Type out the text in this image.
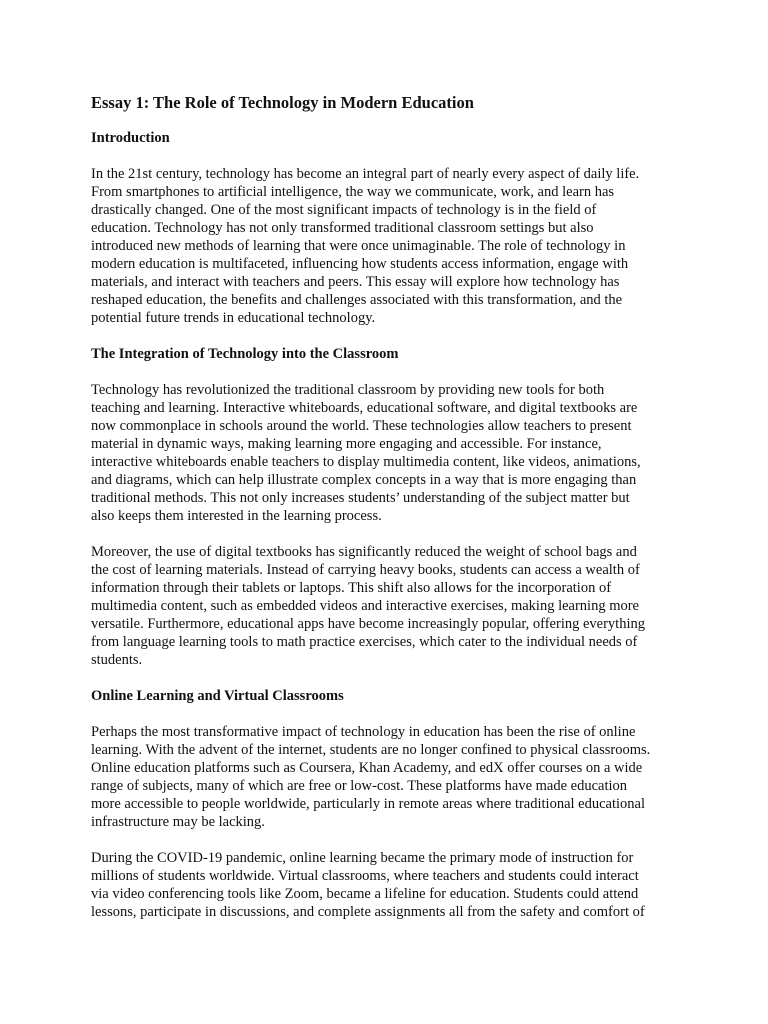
Essay 1: The Role of Technology in Modern Education
Introduction

In the 21st century, technology has become an integral part of nearly every aspect of daily life.
From smartphones to artificial intelligence, the way we communicate, work, and learn has
drastically changed. One of the most significant impacts of technology is in the field of
education. Technology has not only transformed traditional classroom settings but also
introduced new methods of learning that were once unimaginable. The role of technology in
modern education is multifaceted, influencing how students access information, engage with
materials, and interact with teachers and peers. This essay will explore how technology has
reshaped education, the benefits and challenges associated with this transformation, and the
potential future trends in educational technology.

The Integration of Technology into the Classroom

Technology has revolutionized the traditional classroom by providing new tools for both
teaching and learning. Interactive whiteboards, educational software, and digital textbooks are
now commonplace in schools around the world. These technologies allow teachers to present
material in dynamic ways, making learning more engaging and accessible. For instance,
interactive whiteboards enable teachers to display multimedia content, like videos, animations,
and diagrams, which can help illustrate complex concepts in a way that is more engaging than
traditional methods. This not only increases students’ understanding of the subject matter but
also keeps them interested in the learning process.

Moreover, the use of digital textbooks has significantly reduced the weight of school bags and
the cost of learning materials. Instead of carrying heavy books, students can access a wealth of
information through their tablets or laptops. This shift also allows for the incorporation of
multimedia content, such as embedded videos and interactive exercises, making learning more
versatile. Furthermore, educational apps have become increasingly popular, offering everything
from language learning tools to math practice exercises, which cater to the individual needs of
students.

Online Learning and Virtual Classrooms

Perhaps the most transformative impact of technology in education has been the rise of online
learning. With the advent of the internet, students are no longer confined to physical classrooms.
Online education platforms such as Coursera, Khan Academy, and edX offer courses on a wide
range of subjects, many of which are free or low-cost. These platforms have made education
more accessible to people worldwide, particularly in remote areas where traditional educational
infrastructure may be lacking.

During the COVID-19 pandemic, online learning became the primary mode of instruction for
millions of students worldwide. Virtual classrooms, where teachers and students could interact
via video conferencing tools like Zoom, became a lifeline for education. Students could attend
lessons, participate in discussions, and complete assignments all from the safety and comfort of
